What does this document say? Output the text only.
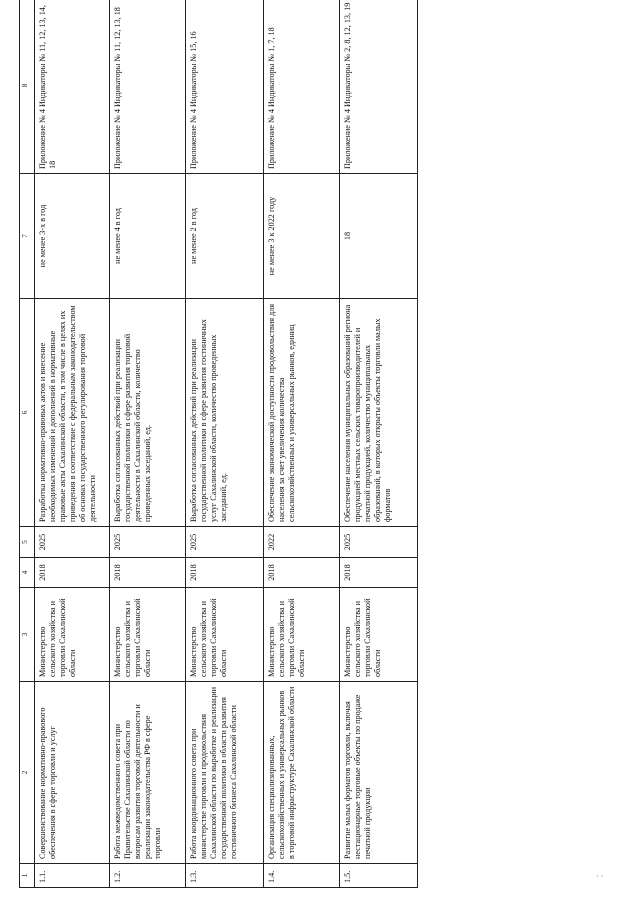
· ·
1	2	3	4	5	6	7	8
1.1.	Совершенствование нормативно-правового обеспечения в сфере торговли и услуг	Министерство сельского хозяйства и торговли Сахалинской области	2018	2025	Разработка нормативно-правовых актов и внесение необходимых изменений и дополнений в нормативные правовые акты Сахалинской области, в том числе в целях их приведения в соответствие с федеральным законодательством об основах государственного регулирования торговой деятельности	не менее 3-х в год	Приложение № 4 Индикаторы № 11, 12, 13, 14, 18
1.2.	Работа межведомственного совета при Правительстве Сахалинской области по вопросам развития торговой деятельности и реализации законодательства РФ в сфере торговли	Министерство сельского хозяйства и торговли Сахалинской области	2018	2025	Выработка согласованных действий при реализации государственной политики в сфере развития торговой деятельности в Сахалинской области, количество проведенных заседаний, ед.	не менее 4 в год	Приложение № 4 Индикаторы № 11, 12, 13, 18
1.3.	Работа координационного совета при министерстве торговли и продовольствия Сахалинской области по выработке и реализации государственной политики в области развития гостиничного бизнеса Сахалинской области	Министерство сельского хозяйства и торговли Сахалинской области	2018	2025	Выработка согласованных действий при реализации государственной политики в сфере развития гостиничных услуг Сахалинской области, количество проведенных заседаний, ед.	не менее 2 в год	Приложение № 4 Индикаторы № 15, 16
1.4.	Организация специализированных, сельскохозяйственных и универсальных рынков в торговой инфраструктуре Сахалинской области	Министерство сельского хозяйства и торговли Сахалинской области	2018	2022	Обеспечение экономической доступности продовольствия для населения за счет увеличения количества сельскохозяйственных и универсальных рынков, единиц	не менее 3 к 2022 году	Приложение № 4 Индикаторы № 1, 7, 18
1.5.	Развитие малых форматов торговли, включая нестационарные торговые объекты по продаже печатной продукции	Министерство сельского хозяйства и торговли Сахалинской области	2018	2025	Обеспечение населения муниципальных образований региона продукцией местных сельских товаропроизводителей и печатной продукцией, количество муниципальных образований, в которых открыты объекты торговли малых форматов	18	Приложение № 4 Индикаторы № 2, 8, 12, 13, 19
